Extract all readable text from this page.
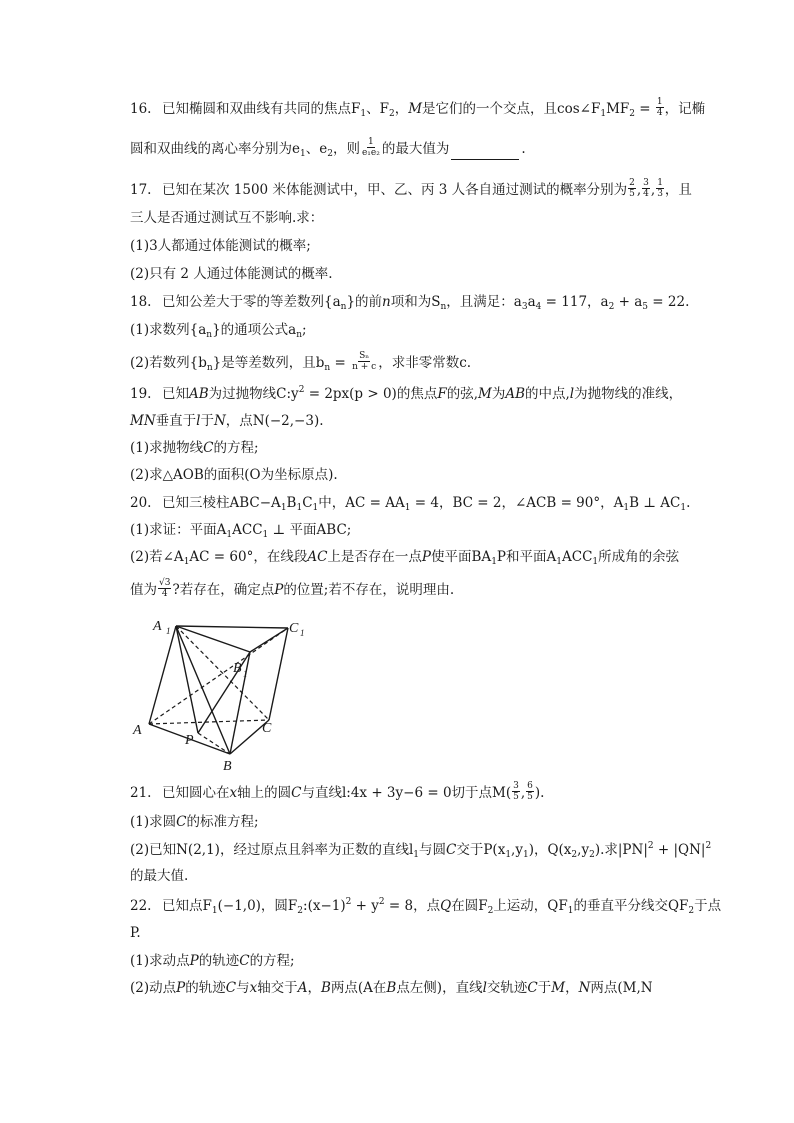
16. 已知椭圆和双曲线有共同的焦点$F_1$、$F_2$，M是它们的一个交点，且$\cos\angle F_1MF_2 = \frac{1}{4}$ ，记椭
圆和双曲线的离心率分别为$e_1$、$e_2$，则 $\frac{1}{\text{e₁e₂}}$ 的最大值为	.
17. 已知在某次 1500 米体能测试中，甲、乙、丙 3 人各自通过测试的概率分别为 $\frac{2}{5}$ , $\frac{3}{4}$ , $\frac{1}{3}$ ，且
三人是否通过测试互不影响.求：
(1)3人都通过体能测试的概率;
(2)只有 2 人通过体能测试的概率.
18. 已知公差大于零的等差数列$\{a_n\}$的前n项和为$S_n$，且满足：$a_3a_4 = 117$，$a_2 + a_5 = 22$.
(1)求数列$\{a_n\}$的通项公式$a_n$;
(2)若数列$\{b_n\}$是等差数列，且$b_n = \frac{\text{Sₙ}}{n + c}$ ，求非零常数c.
19. 已知AB为过抛物线$C:y^2 = 2px(p > 0)$的焦点F的弦,M为AB的中点,l为抛物线的准线，
MN垂直于l于N，点N(−2,−3).
(1)求抛物线C的方程;
(2)求△AOB的面积(O为坐标原点).
20. 已知三棱柱$ABC-A_1B_1C_1$中，AC = $AA_1 = 4$，BC = 2，∠ACB = 90°，$A_1B$ ⊥ $AC_1$.
(1)求证：平面$A_1ACC_1$ ⊥ 平面ABC;
(2)若$\angle A_1AC = 60^\circ$，在线段AC上是否存在一点P使平面$BA_1P$和平面$A_1ACC_1$所成角的余弦
值为 $\frac{√3}{4}$ ?若存在，确定点P的位置;若不存在，说明理由.
A 1	C 1
B 1
A
P
C
B
21. 已知圆心在x轴上的圆C与直线l:4x + 3y−6 = 0切于点$M( \frac{3}{5}$ , $\frac{6}{5}$ ).
(1)求圆C的标准方程;
(2)已知N(2,1)，经过原点且斜率为正数的直线$l_1$与圆C交于$P(x_1,y_1)$，$Q(x_2,y_2)$.求$|PN|^2 + |QN|^2$
的最大值.
22. 已知点$F_1(-1,0)$，圆$F_2:(x-1)^2 + y^2 = 8$，点Q在圆$F_2$上运动，$QF_1$的垂直平分线交$QF_2$于点
P.
(1)求动点P的轨迹C的方程;
(2)动点P的轨迹C与x轴交于A，B两点(A在B点左侧)，直线l交轨迹C于M，N两点(M,N
